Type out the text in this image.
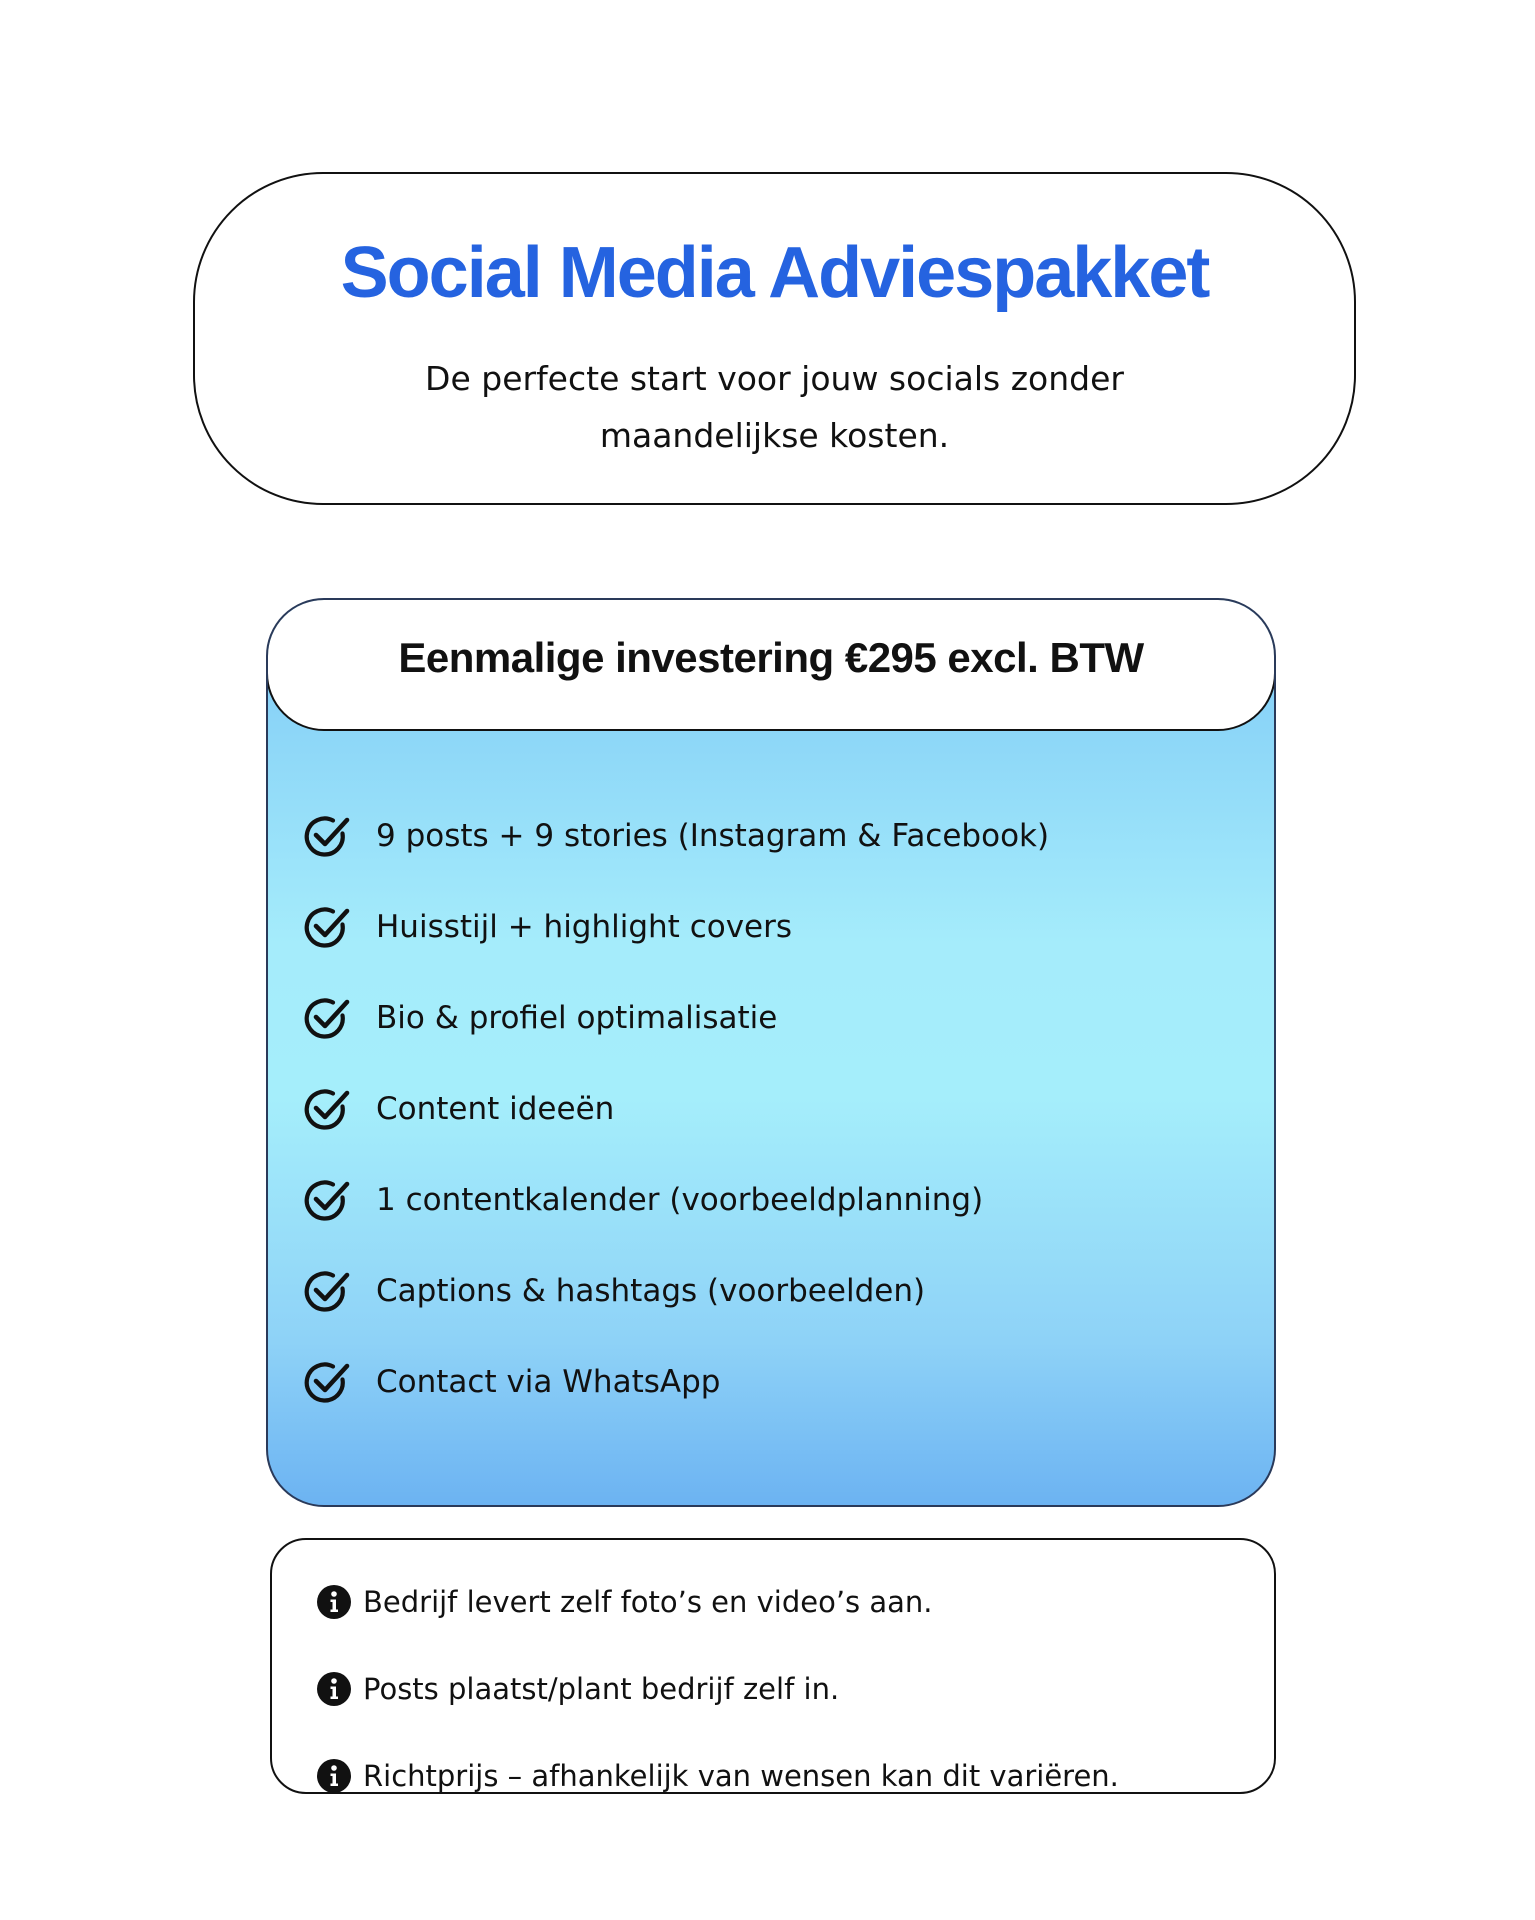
Social Media Adviespakket

De perfecte start voor jouw socials zonder maandelijkse kosten.

Eenmalige investering €295 excl. BTW
9 posts + 9 stories (Instagram & Facebook)
Huisstijl + highlight covers
Bio & profiel optimalisatie
Content ideeën
1 contentkalender (voorbeeldplanning)
Captions & hashtags (voorbeelden)
Contact via WhatsApp
Bedrijf levert zelf foto’s en video’s aan.
Posts plaatst/plant bedrijf zelf in.
Richtprijs – afhankelijk van wensen kan dit variëren.
